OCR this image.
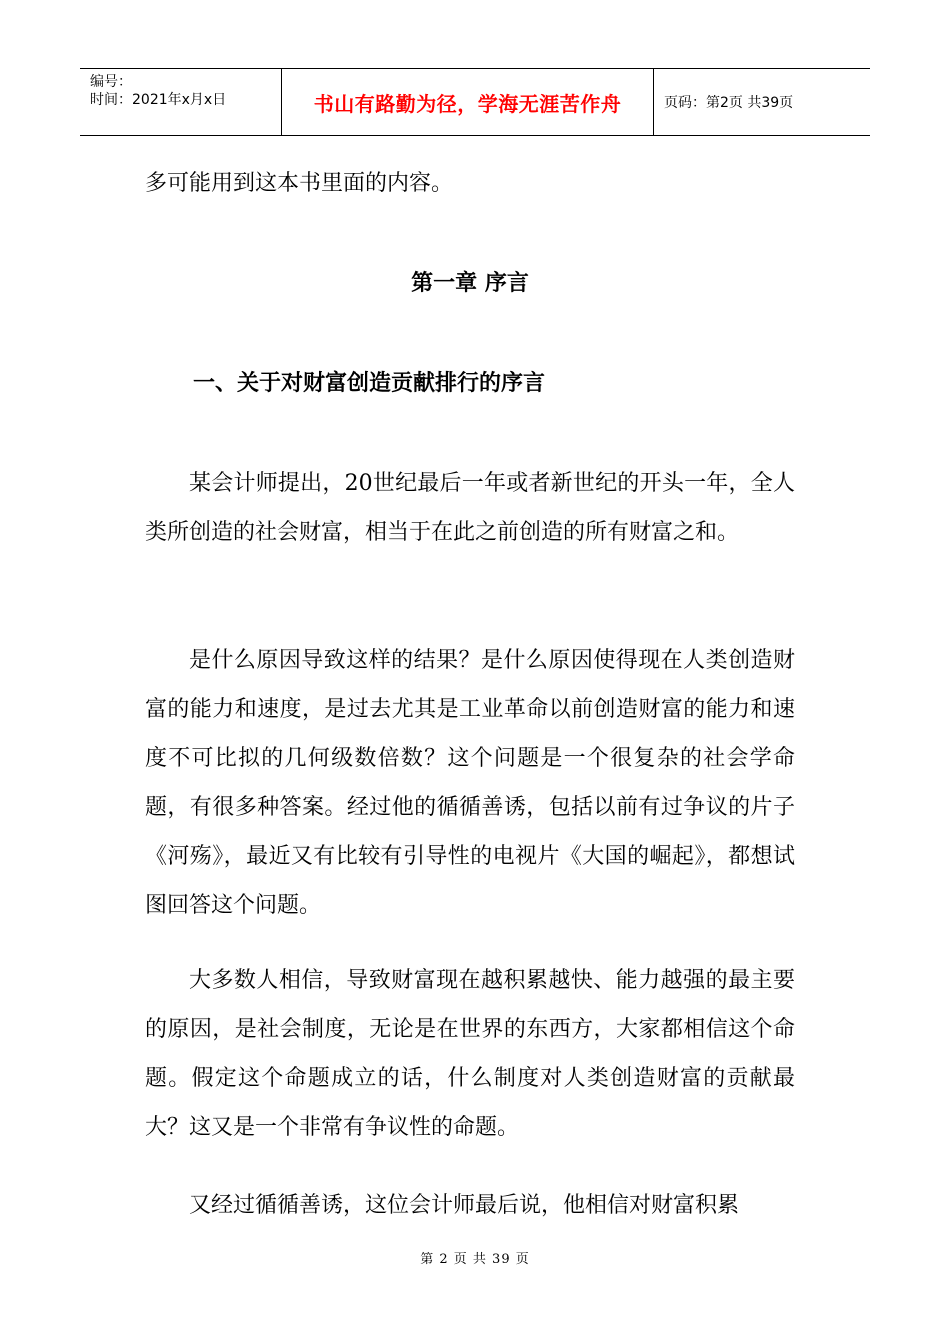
编号：
时间：2021年x月x日	书山有路勤为径，学海无涯苦作舟	页码：第2页 共39页

多可能用到这本书里面的内容。

第一章 序言
一、关于对财富创造贡献排行的序言

某会计师提出，20世纪最后一年或者新世纪的开头一年，全人类所创造的社会财富，相当于在此之前创造的所有财富之和。

是什么原因导致这样的结果？是什么原因使得现在人类创造财富的能力和速度，是过去尤其是工业革命以前创造财富的能力和速度不可比拟的几何级数倍数？这个问题是一个很复杂的社会学命题，有很多种答案。经过他的循循善诱，包括以前有过争议的片子《河殇》，最近又有比较有引导性的电视片《大国的崛起》，都想试图回答这个问题。

大多数人相信，导致财富现在越积累越快、能力越强的最主要的原因，是社会制度，无论是在世界的东西方，大家都相信这个命题。假定这个命题成立的话，什么制度对人类创造财富的贡献最大？这又是一个非常有争议性的命题。

又经过循循善诱，这位会计师最后说，他相信对财富积累

第 2 页 共 39 页
